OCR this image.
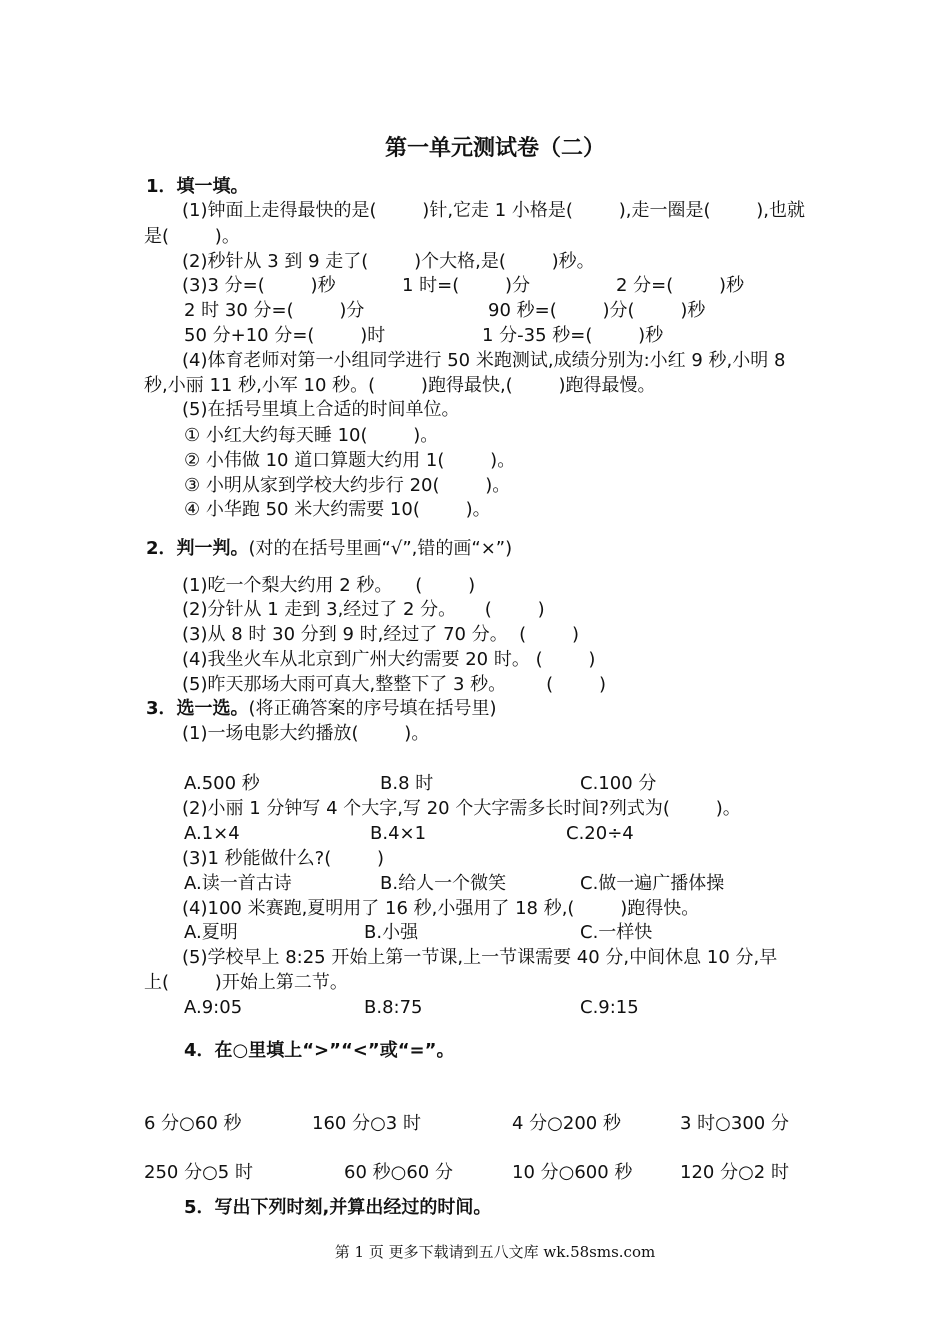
第一单元测试卷（二）
1．填一填。
(1)钟面上走得最快的是(        )针,它走 1 小格是(        ),走一圈是(        ),也就
是(        )。
(2)秒针从 3 到 9 走了(        )个大格,是(        )秒。
(3)3 分=(        )秒	1 时=(        )分	2 分=(        )秒
2 时 30 分=(        )分	90 秒=(        )分(        )秒
50 分+10 分=(        )时	1 分-35 秒=(        )秒
(4)体育老师对第一小组同学进行 50 米跑测试,成绩分别为:小红 9 秒,小明 8
秒,小丽 11 秒,小军 10 秒。(        )跑得最快,(        )跑得最慢。
(5)在括号里填上合适的时间单位。
① 小红大约每天睡 10(        )。
② 小伟做 10 道口算题大约用 1(        )。
③ 小明从家到学校大约步行 20(        )。
④ 小华跑 50 米大约需要 10(        )。
2．判一判。(对的在括号里画“√”,错的画“×”)
(1)吃一个梨大约用 2 秒。    (        )
(2)分针从 1 走到 3,经过了 2 分。     (        )
(3)从 8 时 30 分到 9 时,经过了 70 分。  (        )
(4)我坐火车从北京到广州大约需要 20 时。 (        )
(5)昨天那场大雨可真大,整整下了 3 秒。       (        )
3．选一选。(将正确答案的序号填在括号里)
(1)一场电影大约播放(        )。
A.500 秒	B.8 时	C.100 分
(2)小丽 1 分钟写 4 个大字,写 20 个大字需多长时间?列式为(        )。
A.1×4	B.4×1	C.20÷4
(3)1 秒能做什么?(        )
A.读一首古诗	B.给人一个微笑	C.做一遍广播体操
(4)100 米赛跑,夏明用了 16 秒,小强用了 18 秒,(        )跑得快。
A.夏明	B.小强	C.一样快
(5)学校早上 8:25 开始上第一节课,上一节课需要 40 分,中间休息 10 分,早
上(        )开始上第二节。
A.9:05	B.8:75	C.9:15
4．在○里填上“>”“<”或“=”。
6 分○60 秒	160 分○3 时	4 分○200 秒	3 时○300 分
250 分○5 时	60 秒○60 分	10 分○600 秒	120 分○2 时
5．写出下列时刻,并算出经过的时间。
第 1 页 更多下载请到五八文库 wk.58sms.com
